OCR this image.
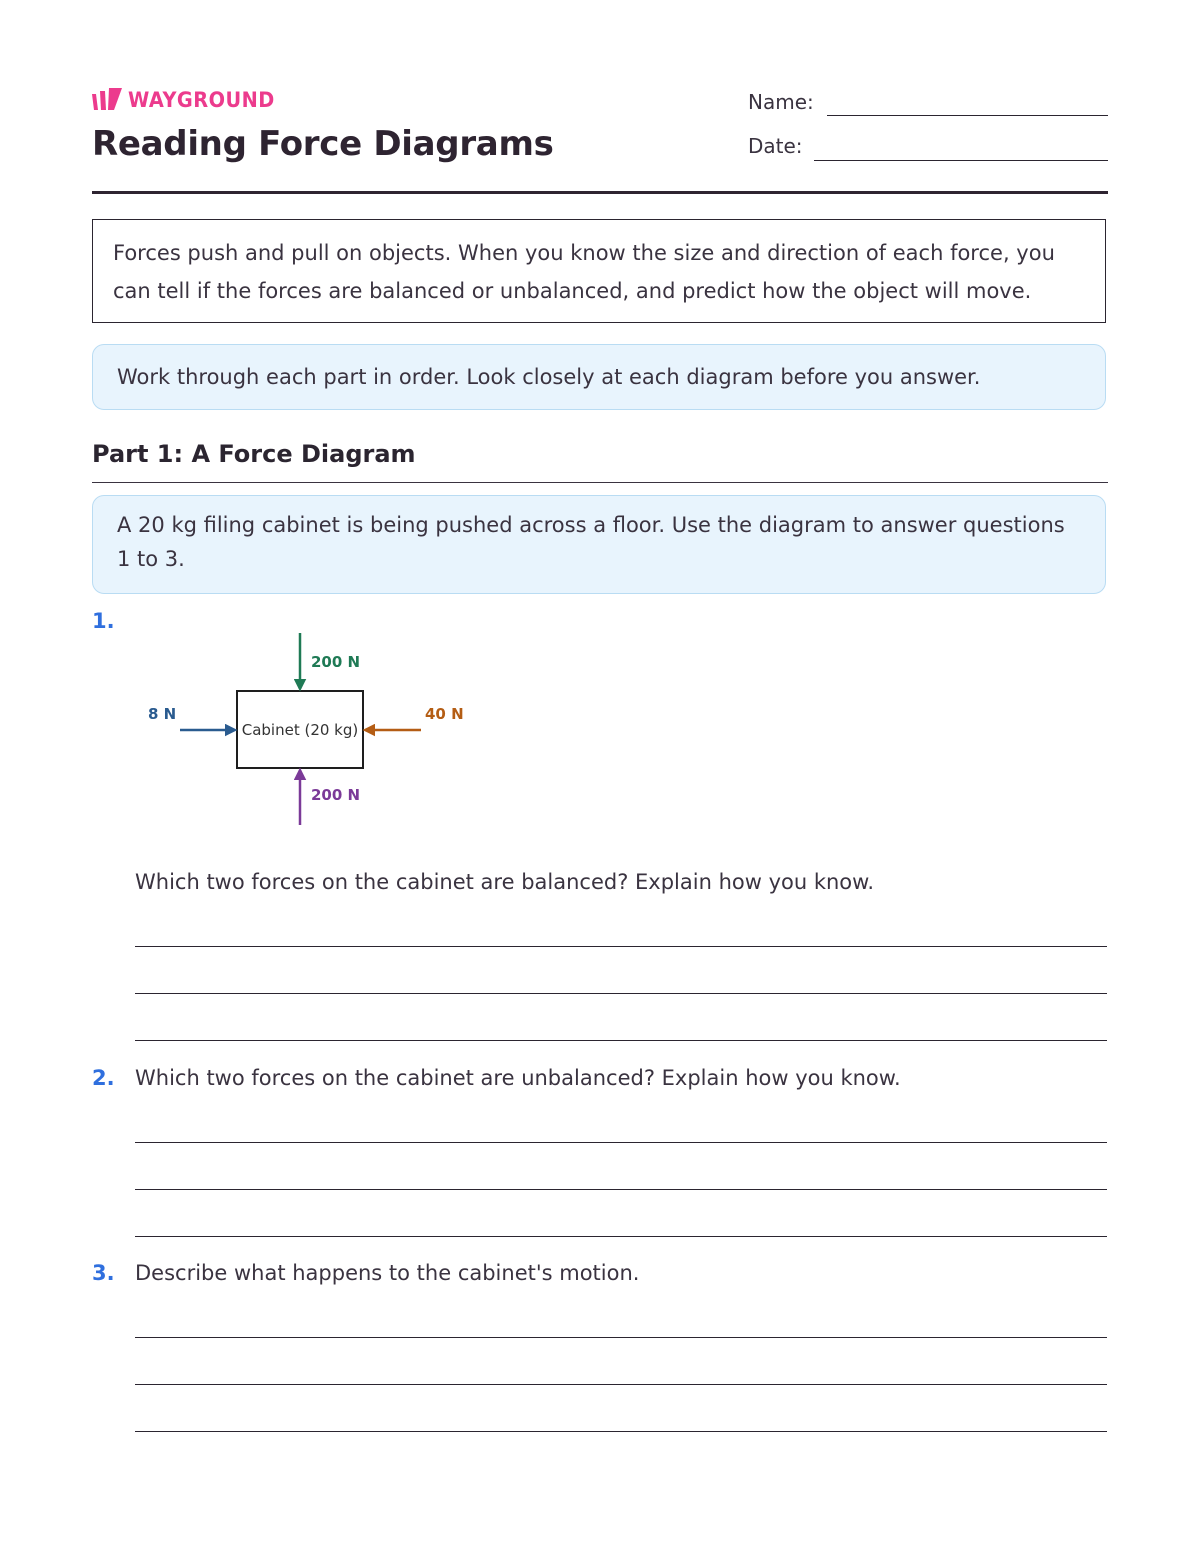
WAYGROUND
Reading Force Diagrams
Name:
Date:
Forces push and pull on objects. When you know the size and direction of each force, you can tell if the forces are balanced or unbalanced, and predict how the object will move.
Work through each part in order. Look closely at each diagram before you answer.
Part 1: A Force Diagram
A 20 kg filing cabinet is being pushed across a floor. Use the diagram to answer questions 1 to 3.
1.
Cabinet (20 kg)
200 N
200 N
8 N	40 N
Which two forces on the cabinet are balanced? Explain how you know.
2. Which two forces on the cabinet are unbalanced? Explain how you know.
3. Describe what happens to the cabinet's motion.
